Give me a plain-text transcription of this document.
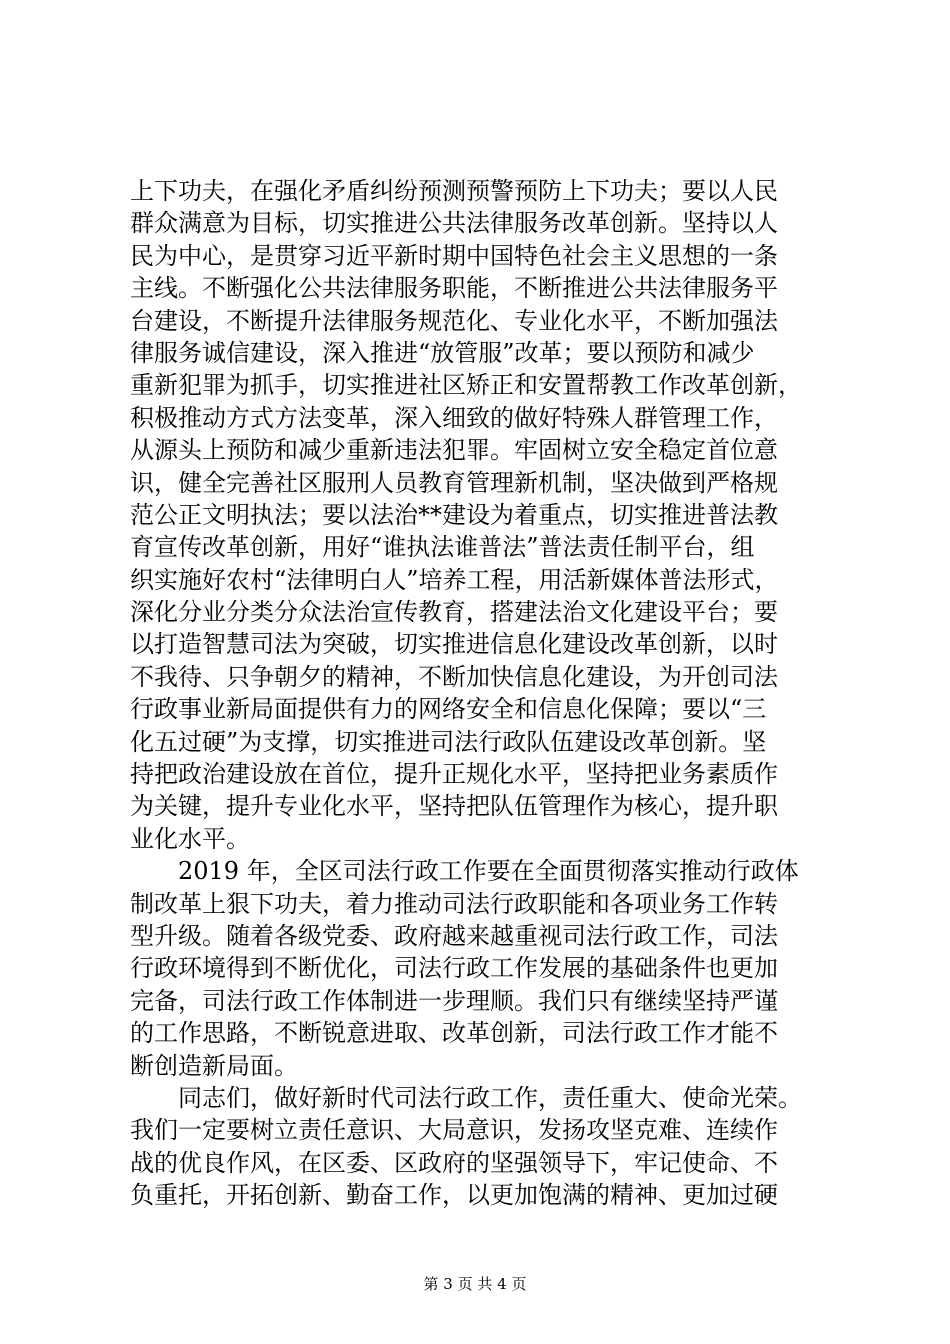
上下功夫，在强化矛盾纠纷预测预警预防上下功夫；要以人民
群众满意为目标，切实推进公共法律服务改革创新。坚持以人
民为中心，是贯穿习近平新时期中国特色社会主义思想的一条
主线。不断强化公共法律服务职能，不断推进公共法律服务平
台建设，不断提升法律服务规范化、专业化水平，不断加强法
律服务诚信建设，深入推进“放管服”改革；要以预防和减少
重新犯罪为抓手，切实推进社区矫正和安置帮教工作改革创新，
积极推动方式方法变革，深入细致的做好特殊人群管理工作，
从源头上预防和减少重新违法犯罪。牢固树立安全稳定首位意
识，健全完善社区服刑人员教育管理新机制，坚决做到严格规
范公正文明执法；要以法治**建设为着重点，切实推进普法教
育宣传改革创新，用好“谁执法谁普法”普法责任制平台，组
织实施好农村“法律明白人”培养工程，用活新媒体普法形式，
深化分业分类分众法治宣传教育，搭建法治文化建设平台；要
以打造智慧司法为突破，切实推进信息化建设改革创新，以时
不我待、只争朝夕的精神，不断加快信息化建设，为开创司法
行政事业新局面提供有力的网络安全和信息化保障；要以“三
化五过硬”为支撑，切实推进司法行政队伍建设改革创新。坚
持把政治建设放在首位，提升正规化水平，坚持把业务素质作
为关键，提升专业化水平，坚持把队伍管理作为核心，提升职
业化水平。
　　2019 年，全区司法行政工作要在全面贯彻落实推动行政体
制改革上狠下功夫，着力推动司法行政职能和各项业务工作转
型升级。随着各级党委、政府越来越重视司法行政工作，司法
行政环境得到不断优化，司法行政工作发展的基础条件也更加
完备，司法行政工作体制进一步理顺。我们只有继续坚持严谨
的工作思路，不断锐意进取、改革创新，司法行政工作才能不
断创造新局面。
　　同志们，做好新时代司法行政工作，责任重大、使命光荣。
我们一定要树立责任意识、大局意识，发扬攻坚克难、连续作
战的优良作风，在区委、区政府的坚强领导下，牢记使命、不
负重托，开拓创新、勤奋工作，以更加饱满的精神、更加过硬
第 3 页 共 4 页
